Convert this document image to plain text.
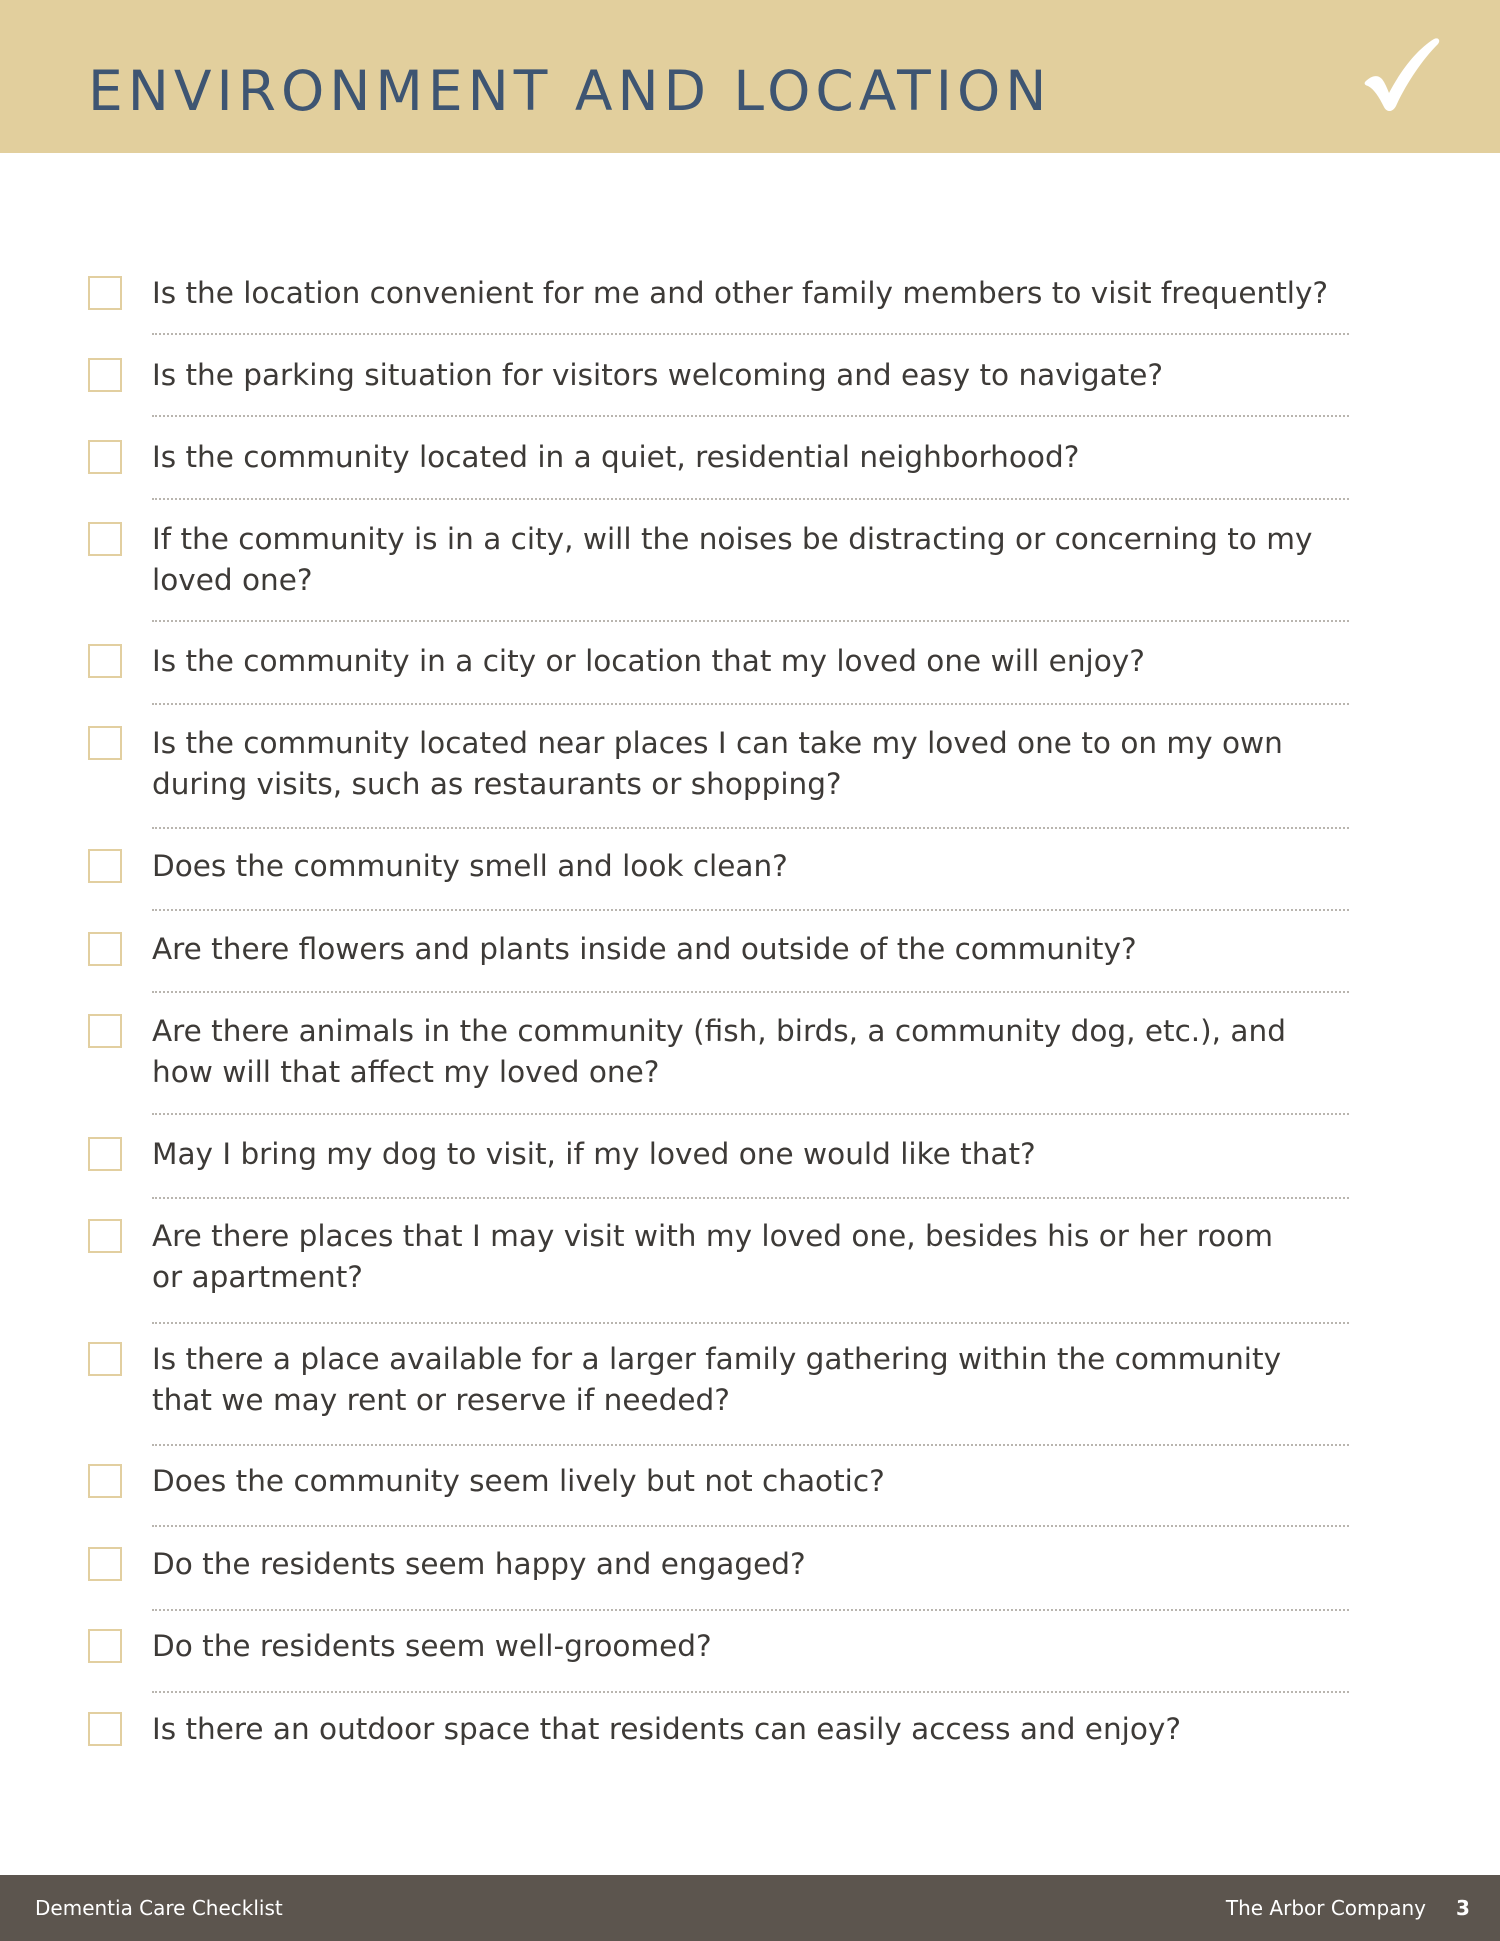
ENVIRONMENT AND LOCATION
Is the location convenient for me and other family members to visit frequently?
Is the parking situation for visitors welcoming and easy to navigate?
Is the community located in a quiet, residential neighborhood?
If the community is in a city, will the noises be distracting or concerning to my
loved one?
Is the community in a city or location that my loved one will enjoy?
Is the community located near places I can take my loved one to on my own
during visits, such as restaurants or shopping?
Does the community smell and look clean?
Are there flowers and plants inside and outside of the community?
Are there animals in the community (fish, birds, a community dog, etc.), and
how will that affect my loved one?
May I bring my dog to visit, if my loved one would like that?
Are there places that I may visit with my loved one, besides his or her room
or apartment?
Is there a place available for a larger family gathering within the community
that we may rent or reserve if needed?
Does the community seem lively but not chaotic?
Do the residents seem happy and engaged?
Do the residents seem well-groomed?
Is there an outdoor space that residents can easily access and enjoy?
Dementia Care Checklist	The Arbor Company 3
